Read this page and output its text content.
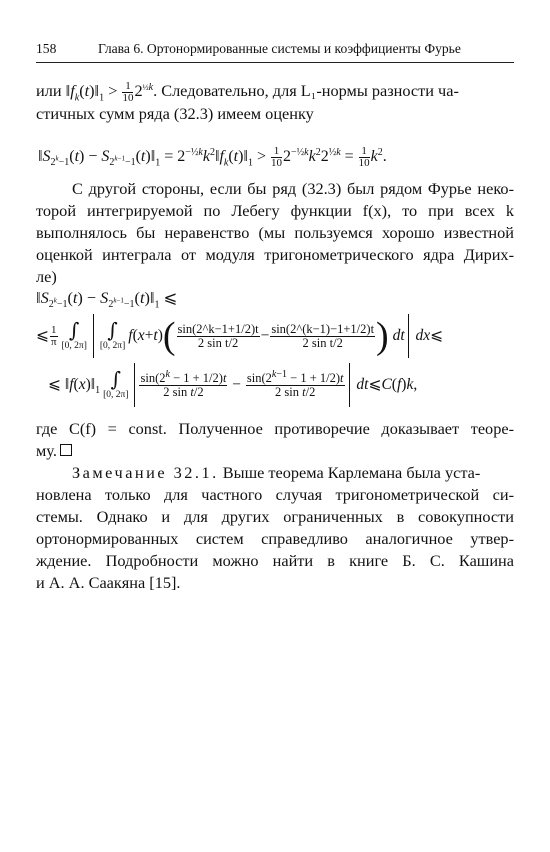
158	Глава 6. Ортонормированные системы и коэффициенты Фурье
или $‖f_k(t)‖_1 > \frac{1}{10} 2^{\frac{1}{2}k}$. Следовательно, для L₁-нормы разности ча-
стичных сумм ряда (32.3) имеем оценку
$‖S_{2^k-1}(t)$ − $S_{2^{k-1}-1}(t)‖_1$ = $2^{-\frac{1}{2}k}k^2‖f_k(t)‖_1 > \frac{1}{10} 2^{-\frac{1}{2}k}k^22^{\frac{1}{2}k} = \frac{1}{10} k^2$.
С другой стороны, если бы ряд (32.3) был рядом Фурье неко-
торой интегрируемой по Лебегу функции f(x), то при всех k
выполнялось бы неравенство (мы пользуемся хорошо известной
оценкой интеграла от модуля тригонометрического ядра Дирих-
ле)
$‖S_{2^k-1}(t)$ − $S_{2^{k-1}-1}(t)‖_1$ ⩽
⩽ $\frac{1}{\pi}$ ∫
[0, 2π]
∫
[0, 2π]
f ( x + t ) ( $\frac{\sin(2\^{}k-1+1/2)t}{\text{2 sin t/2}} - \frac{\sin(2\^{}(k-1)-1+1/2)t}{\text{2 sin t/2}}$ )
dt
dx ⩽
⩽ $‖f(x)‖_1$ ∫
[0, $2\pi] \frac{\sin(2^k - 1 + 1/2)t}{\text{2 sin t/2}} - \frac{\sin(2^{k-1} - 1 + 1/2)t}{\text{2 sin t/2}}$
dt ⩽ C ( f ) k ,
где C(f) = const. Полученное противоречие доказывает теоре-
му.
Замечание 32.1. Выше теорема Карлемана была уста-
новлена только для частного случая тригонометрической си-
стемы. Однако и для других ограниченных в совокупности
ортонормированных систем справедливо аналогичное утвер-
ждение. Подробности можно найти в книге Б. С. Кашина
и А. А. Саакяна [15].
